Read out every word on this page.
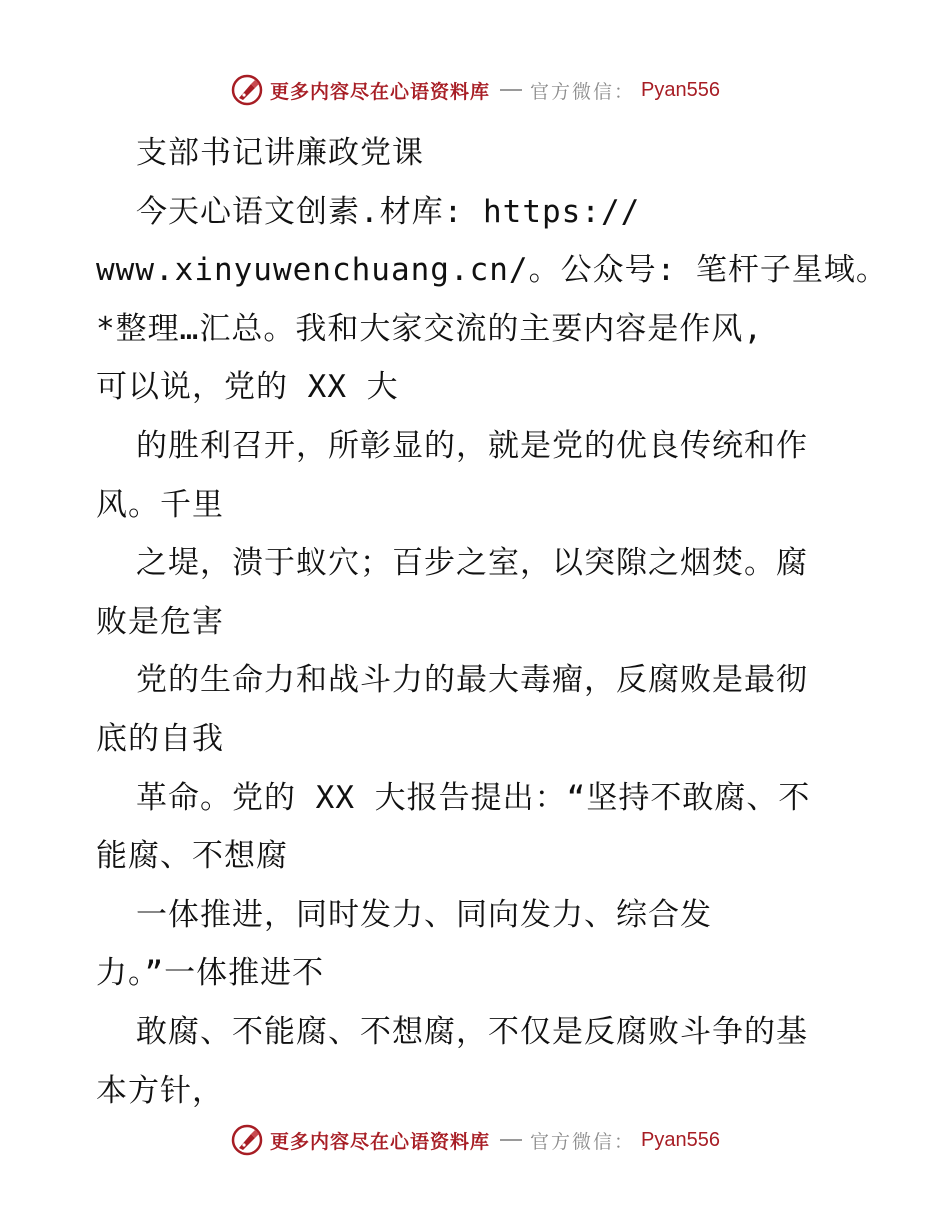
更多内容尽在心语资料库 官方微信： Pyan556
支部书记讲廉政党课
今天心语文创素.材库: https://
www.xinyuwenchuang.cn/。公众号: 笔杆子星域。
*整理…汇总。我和大家交流的主要内容是作风,
可以说，党的 XX 大
的胜利召开，所彰显的，就是党的优良传统和作
风。千里
之堤，溃于蚁穴；百步之室，以突隙之烟焚。腐
败是危害
党的生命力和战斗力的最大毒瘤，反腐败是最彻
底的自我
革命。党的 XX 大报告提出：“坚持不敢腐、不
能腐、不想腐
一体推进，同时发力、同向发力、综合发
力。”一体推进不
敢腐、不能腐、不想腐，不仅是反腐败斗争的基
本方针，
更多内容尽在心语资料库 官方微信： Pyan556
